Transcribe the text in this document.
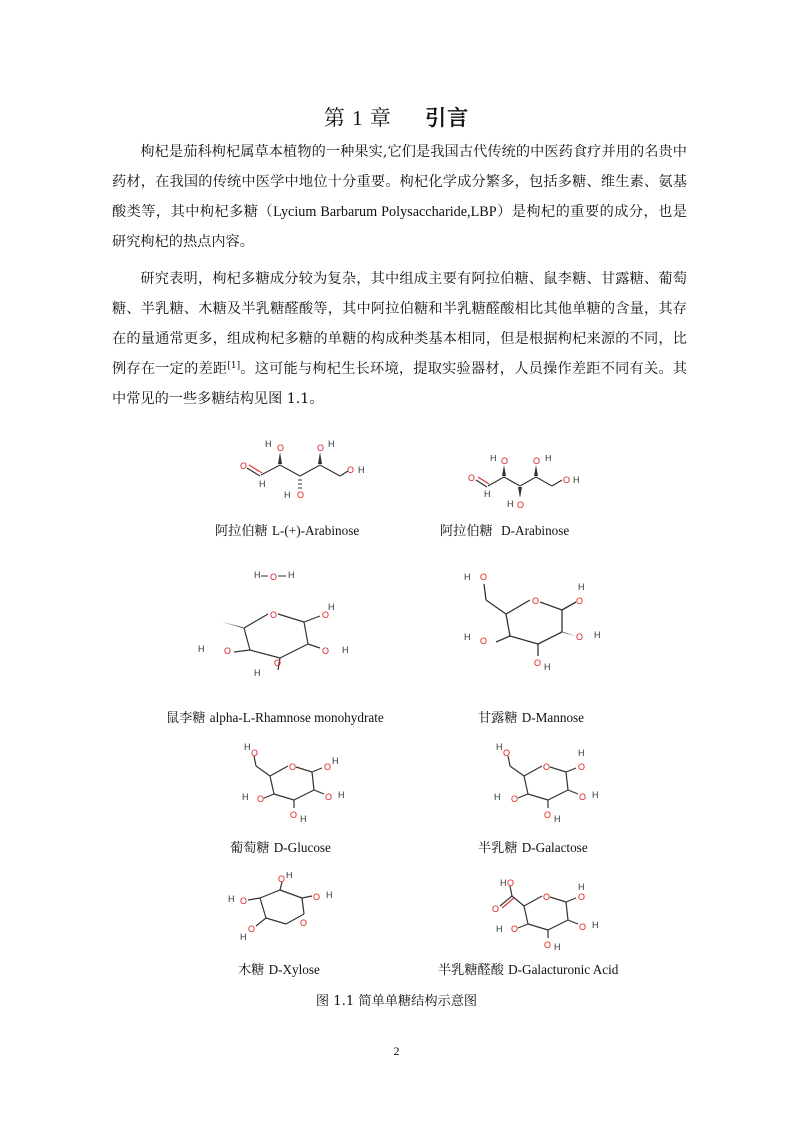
第 1 章 引言

枸杞是茄科枸杞属草本植物的一种果实,它们是我国古代传统的中医药食疗并用的名贵中药材，在我国的传统中医学中地位十分重要。枸杞化学成分繁多，包括多糖、维生素、氨基酸类等，其中枸杞多糖（Lycium Barbarum Polysaccharide,LBP）是枸杞的重要的成分，也是研究枸杞的热点内容。

研究表明，枸杞多糖成分较为复杂，其中组成主要有阿拉伯糖、鼠李糖、甘露糖、葡萄糖、半乳糖、木糖及半乳糖醛酸等，其中阿拉伯糖和半乳糖醛酸相比其他单糖的含量，其存在的量通常更多，组成枸杞多糖的单糖的构成种类基本相同，但是根据枸杞来源的不同，比例存在一定的差距[1]。这可能与枸杞生长环境，提取实验器材，人员操作差距不同有关。其中常见的一些多糖结构见图 1.1。

O
H
O
H
O
H
O H
O H
阿拉伯糖 L-(+)-Arabinose
O
H
O
H
O
H
O H
O H
阿拉伯糖 D-Arabinose
H O H
O	O
H
O H
O
H
O
H
鼠李糖 alpha-L-Rhamnose monohydrate
O
H O
H
O
O H
H O
O H
甘露糖 D-Mannose
O
H
O
O
H
O H
O H
O
H
葡萄糖 D-Glucose
O
H
O
O
H
O H
O H
O
H
半乳糖 D-Galactose
O H
O H
O
O
H
O
H
木糖 D-Xylose
O
H O
O
O
H
O H
O H
O
H
半乳糖醛酸 D-Galacturonic Acid
图 1.1 简单单糖结构示意图
2
